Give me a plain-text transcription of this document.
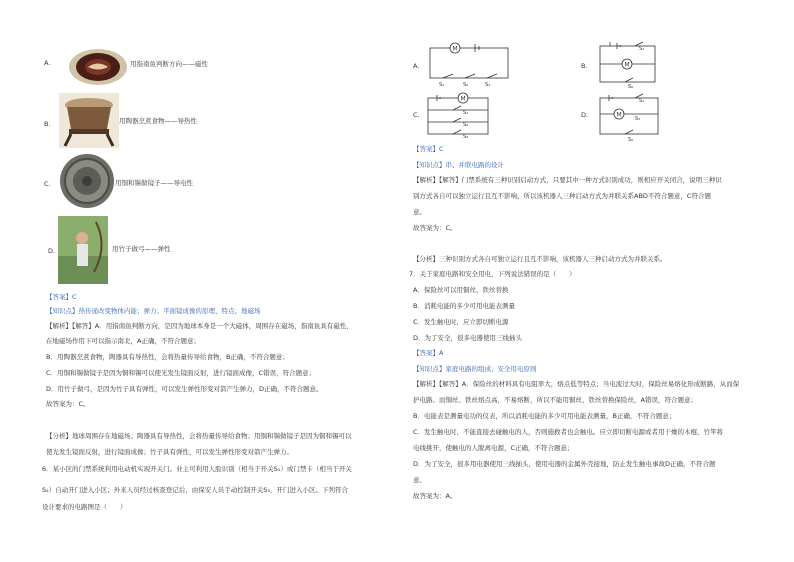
A.	用指南鱼判断方向——磁性
B.	用陶器烹煮食物——导热性
C.	用铜和锡做镜子——导电性
D.	用竹子做弓——弹性
【答案】C
【知识点】热传递改变物体内能；弹力；平面镜成像的原理、特点；地磁场
【解析】【解答】A．用指南鱼判断方向，是因为地球本身是一个大磁体，周围存在磁场，指南鱼具有磁性，
在地磁场作用下可以指示南北，A正确，不符合题意；
B．用陶器烹煮食物，陶器具有导热性，会将热量传导给食物，B正确，不符合题意；
C．用铜和锡做镜子是因为铜和锡可以使光发生镜面反射，进行镜面成像，C错误，符合题意；
D．用竹子做弓，是因为竹子具有弹性，可以发生弹性形变对箭产生弹力，D正确，不符合题意。
故答案为：C。
【分析】地球周围存在地磁场；陶器具有导热性，会将热量传导给食物；用铜和锡做镜子是因为铜和锡可以
使光发生镜面反射，进行镜面成像；竹子具有弹性，可以发生弹性形变对箭产生弹力。
6．某小区的门禁系统利用电动机实现开关门。业主可利用人脸识别（相当于开关S₁）或门禁卡（相当于开关
S₂）自动开门进入小区；外来人员经过核查登记后，由保安人员手动控制开关S₃，开门进入小区。下列符合
设计要求的电路图是（　　）
A.
M
S₁	S₂	S₃
B.	M
S₁
S₂
C.
M
S₁
S₂
S₃
D.	M
S₁
S₃
S₂
【答案】C
【知识点】串、并联电路的设计
【解析】【解答】门禁系统有三种识别启动方式，只要其中一种方式识别成功，则相应开关闭合，说明三种识
别方式各自可以独立运行且互不影响，所以该机器人三种启动方式为并联关系ABD不符合题意，C符合题
意。
故答案为：C。
【分析】三种识别方式各自可独立运行且互不影响，该机器人三种启动方式为并联关系。
7．关于家庭电路和安全用电，下列说法错误的是（　　）
A．保险丝可以用铜丝、铁丝替换
B．消耗电能的多少可用电能表测量
C．发生触电时，应立即切断电源
D．为了安全，很多电器使用三线插头
【答案】A
【知识点】家庭电路的组成；安全用电原则
【解析】【解答】A．保险丝的材料具有电阻率大，熔点低等特点；当电流过大时，保险丝易熔化形成断路，从而保
护电路。而铜丝、铁丝熔点高，不易熔断，所以不能用铜丝、铁丝替换保险丝，A错误，符合题意；
B．电能表是测量电功的仪表，所以消耗电能的多少可用电能表测量，B正确，不符合题意；
C．发生触电时，不能直接去碰触电的人，否则施救者也会触电。应立即切断电源或者用干燥的木棍、竹竿将
电线挑开，使触电的人脱离电源，C正确，不符合题意；
D．为了安全，很多用电器使用三线插头，使用电器的金属外壳接地，防止发生触电事故D正确，不符合题
意。
故答案为：A。
